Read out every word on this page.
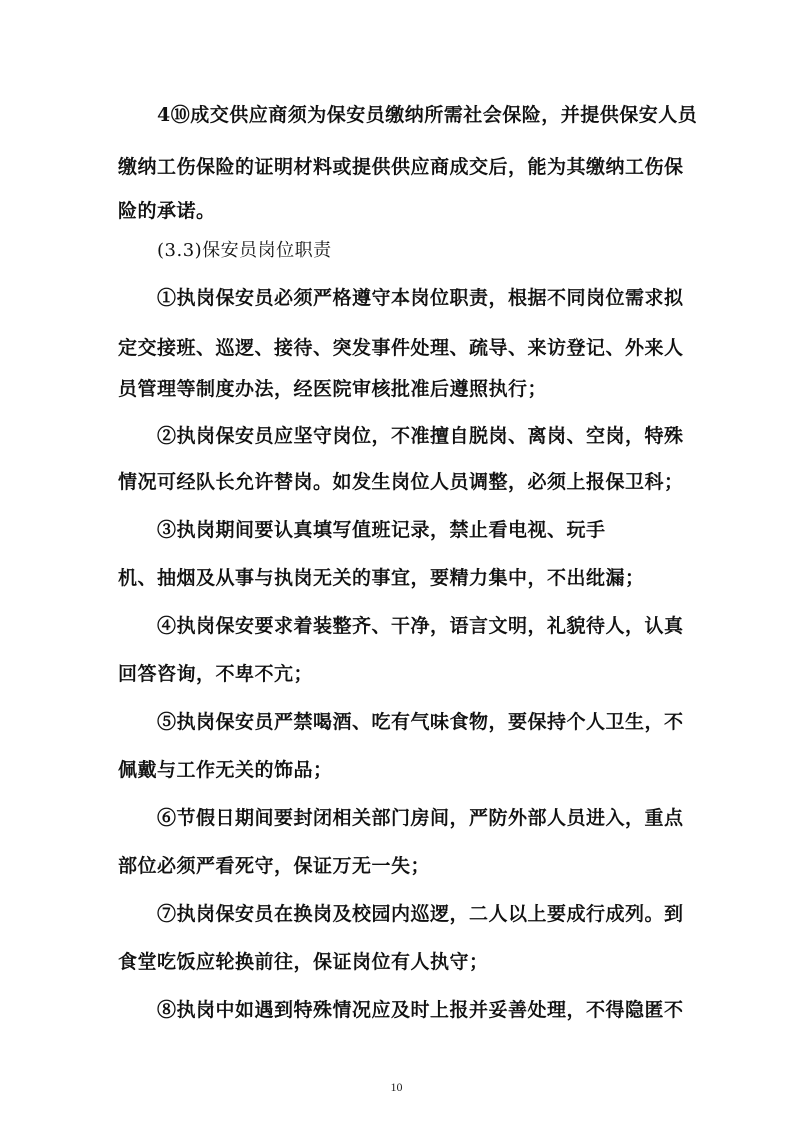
4⑩成交供应商须为保安员缴纳所需社会保险，并提供保安人员
缴纳工伤保险的证明材料或提供供应商成交后，能为其缴纳工伤保
险的承诺。
(3.3)保安员岗位职责
①执岗保安员必须严格遵守本岗位职责，根据不同岗位需求拟
定交接班、巡逻、接待、突发事件处理、疏导、来访登记、外来人
员管理等制度办法，经医院审核批准后遵照执行；
②执岗保安员应坚守岗位，不准擅自脱岗、离岗、空岗，特殊
情况可经队长允许替岗。如发生岗位人员调整，必须上报保卫科；
③执岗期间要认真填写值班记录，禁止看电视、玩手
机、抽烟及从事与执岗无关的事宜，要精力集中，不出纰漏；
④执岗保安要求着装整齐、干净，语言文明，礼貌待人，认真
回答咨询，不卑不亢；
⑤执岗保安员严禁喝酒、吃有气味食物，要保持个人卫生，不
佩戴与工作无关的饰品；
⑥节假日期间要封闭相关部门房间，严防外部人员进入，重点
部位必须严看死守，保证万无一失；
⑦执岗保安员在换岗及校园内巡逻，二人以上要成行成列。到
食堂吃饭应轮换前往，保证岗位有人执守；
⑧执岗中如遇到特殊情况应及时上报并妥善处理，不得隐匿不
10
